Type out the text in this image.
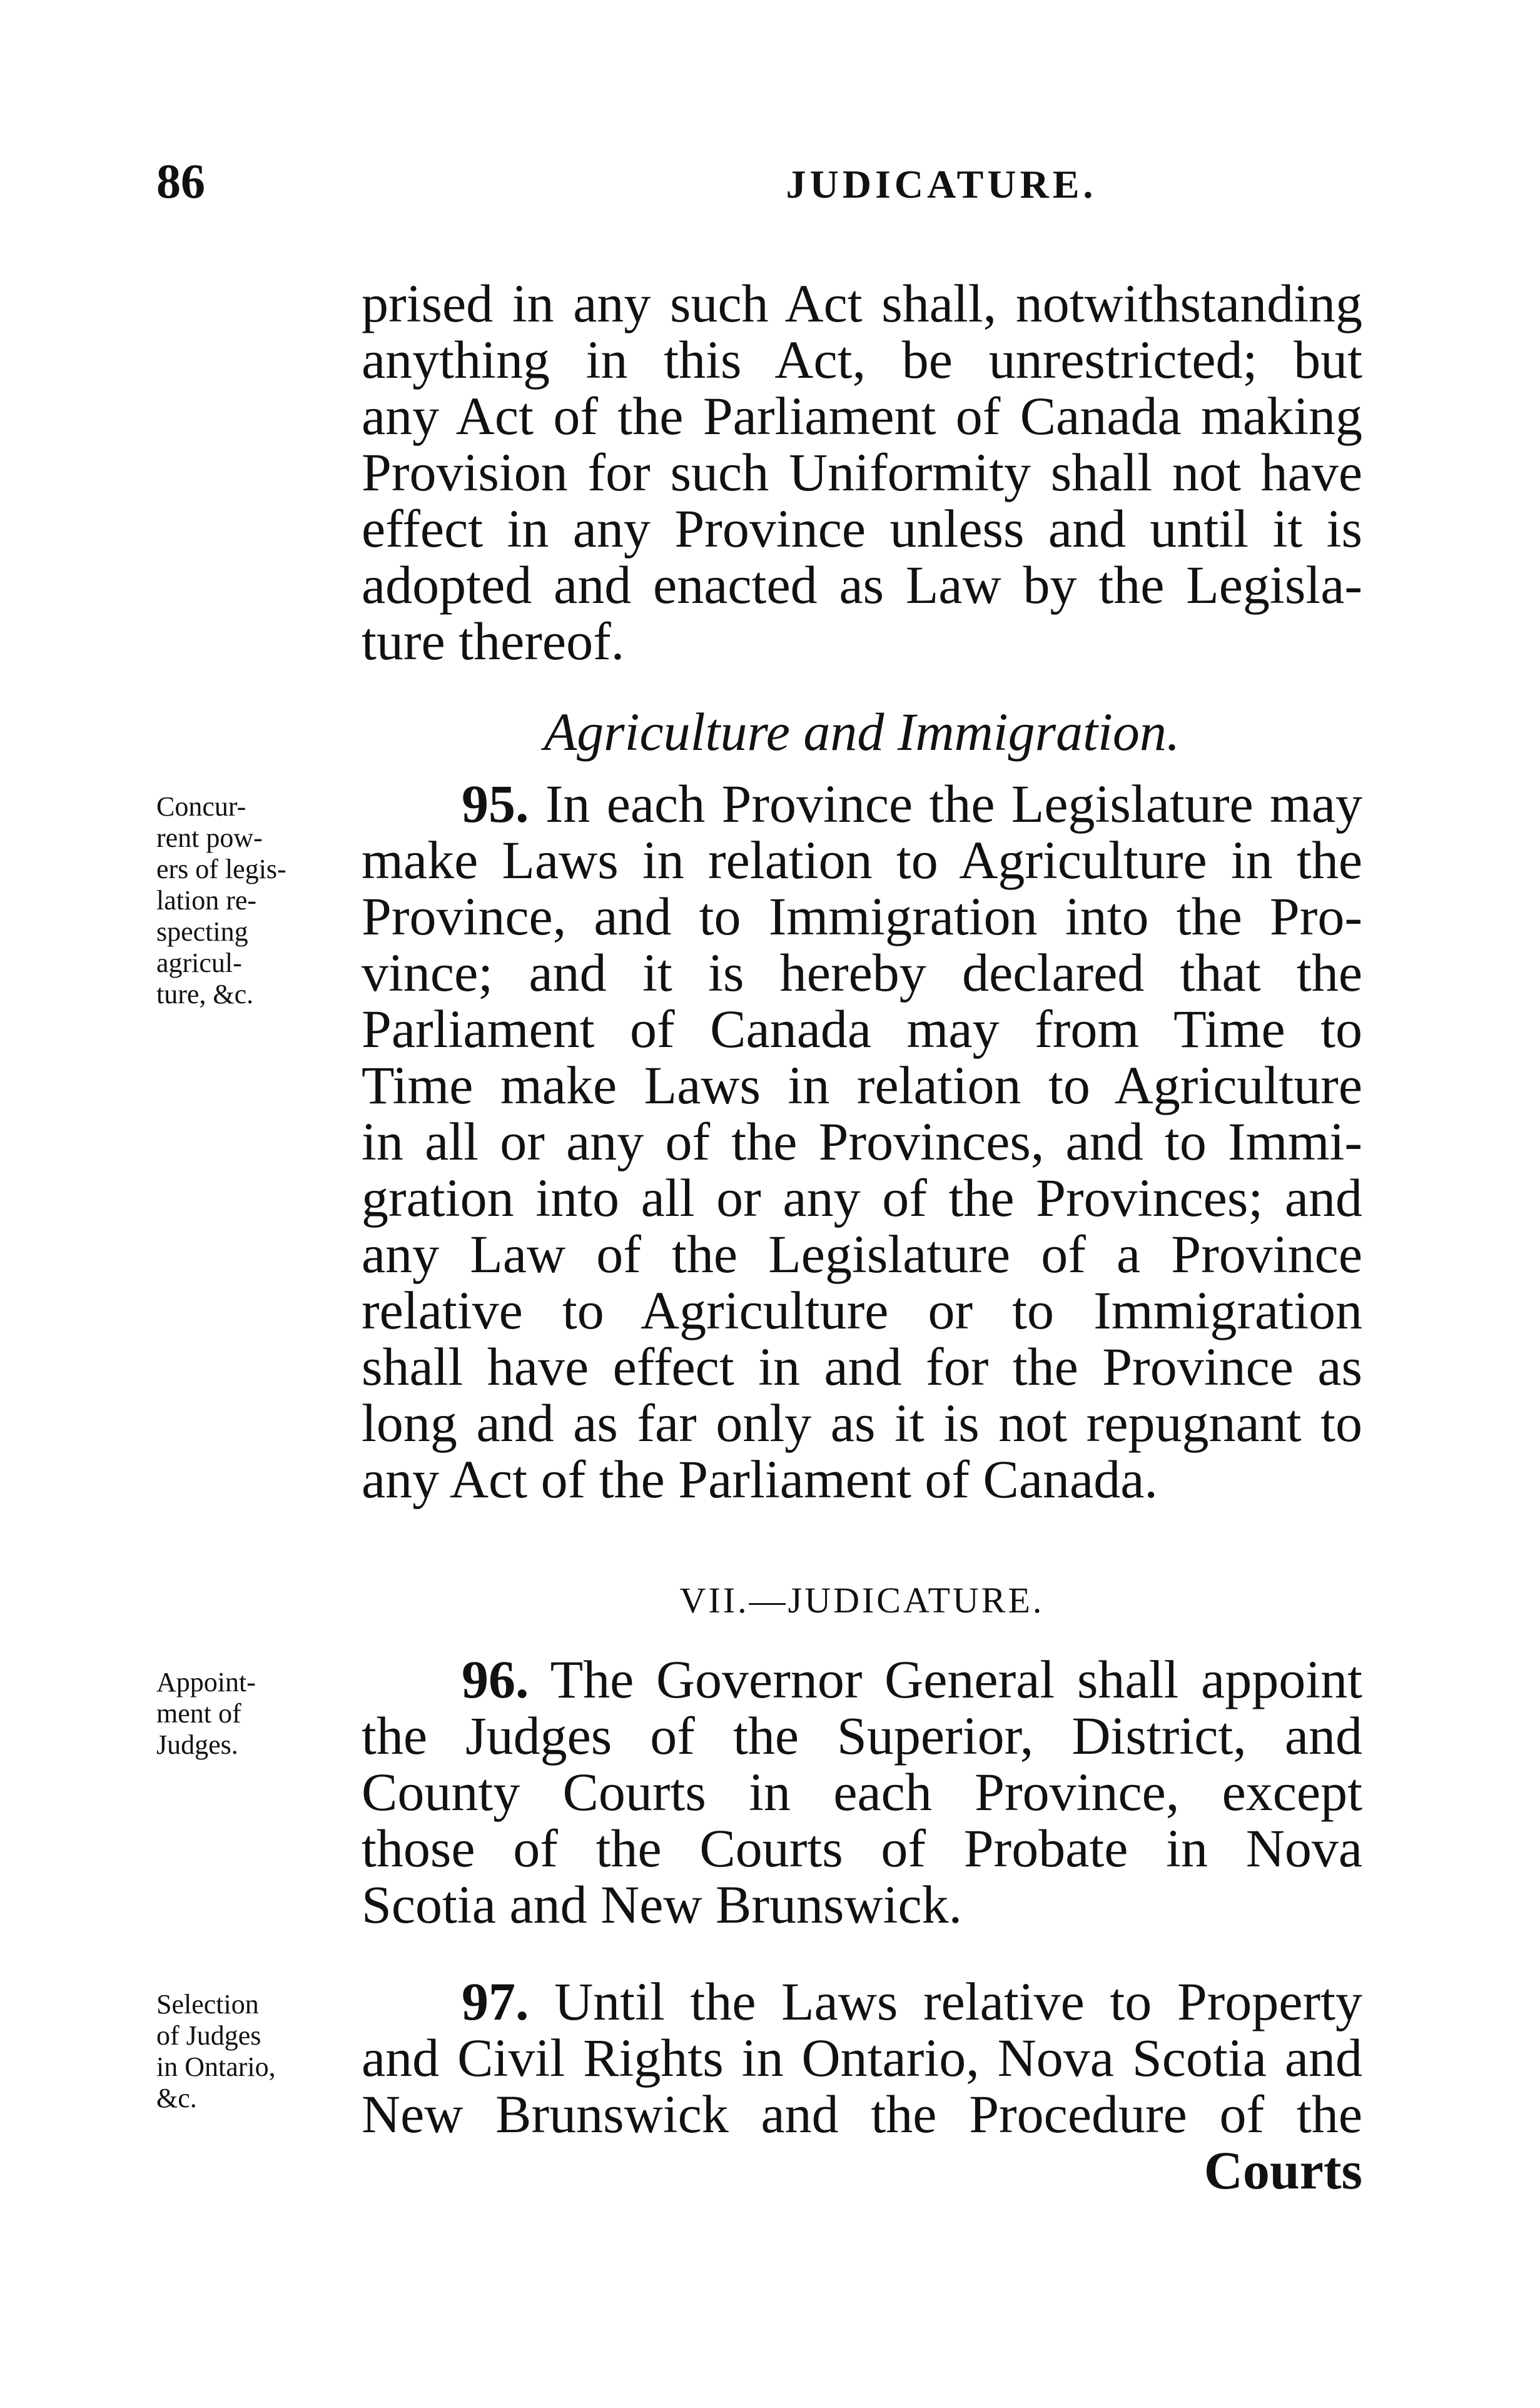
86	JUDICATURE.
prised in any such Act shall, notwithstanding
anything in this Act, be unrestricted; but
any Act of the Parliament of Canada making
Provision for such Uniformity shall not have
effect in any Province unless and until it is
adopted and enacted as Law by the Legisla-
ture thereof.
Agriculture and Immigration.
Concur-
rent pow-
ers of legis-
lation re-
specting
agricul-
ture, &c.
95. In each Province the Legislature may
make Laws in relation to Agriculture in the
Province, and to Immigration into the Pro-
vince; and it is hereby declared that the
Parliament of Canada may from Time to
Time make Laws in relation to Agriculture
in all or any of the Provinces, and to Immi-
gration into all or any of the Provinces; and
any Law of the Legislature of a Province
relative to Agriculture or to Immigration
shall have effect in and for the Province as
long and as far only as it is not repugnant to
any Act of the Parliament of Canada.
VII.—JUDICATURE.
Appoint-
ment of
Judges.
96. The Governor General shall appoint
the Judges of the Superior, District, and
County Courts in each Province, except
those of the Courts of Probate in Nova
Scotia and New Brunswick.
Selection
of Judges
in Ontario,
&c.
97. Until the Laws relative to Property
and Civil Rights in Ontario, Nova Scotia and
New Brunswick and the Procedure of the
Courts
